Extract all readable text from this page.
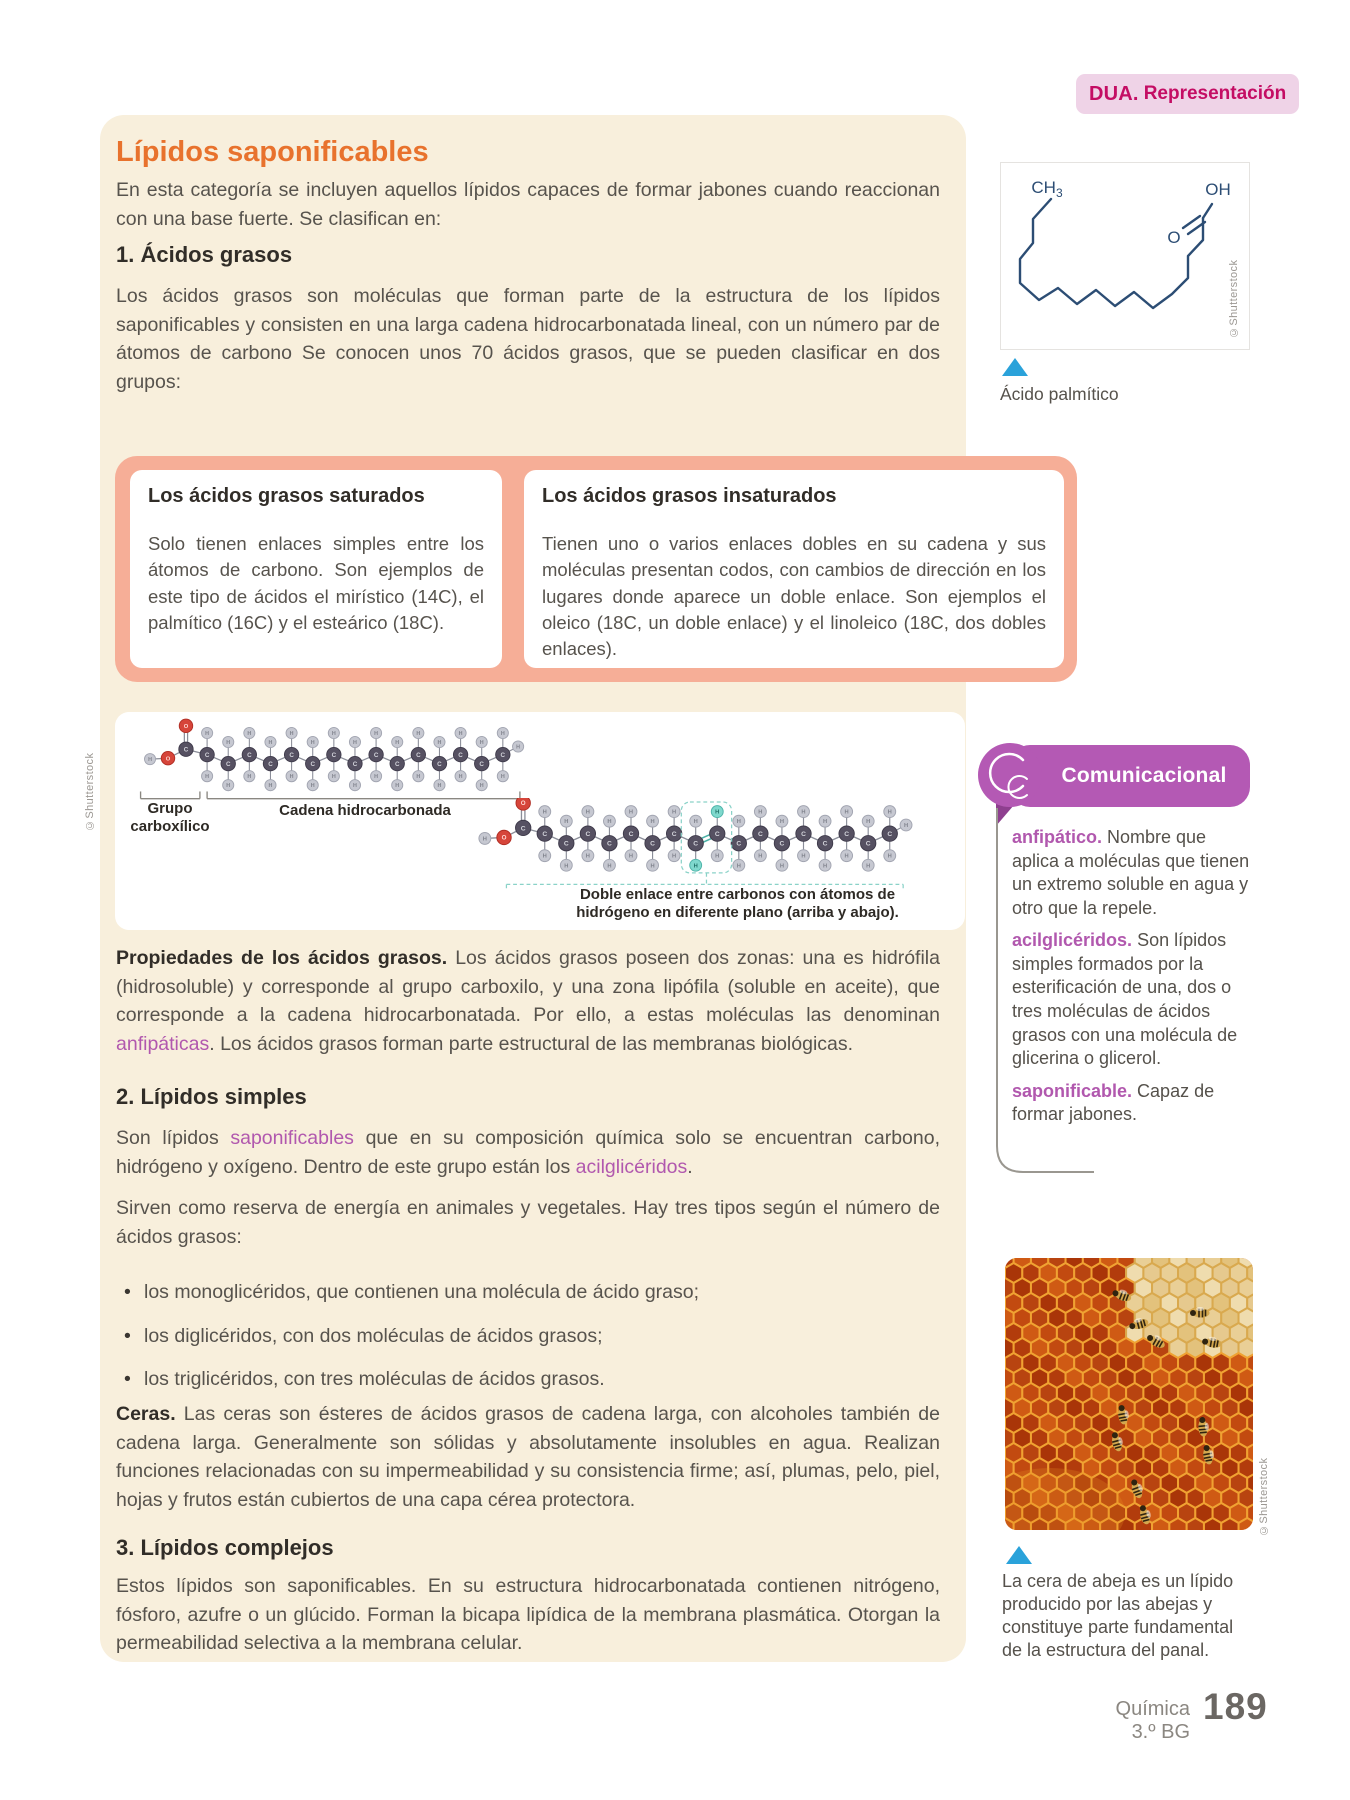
DUA. Representación
Lípidos saponificables

En esta categoría se incluyen aquellos lípidos capaces de formar jabones cuando reaccionan con una base fuerte. Se clasifican en:

1. Ácidos grasos

Los ácidos grasos son moléculas que forman parte de la estructura de los lípidos saponificables y consisten en una larga cadena hidrocarbonatada lineal, con un número par de átomos de carbono Se conocen unos 70 ácidos grasos, que se pueden clasificar en dos grupos:

Los ácidos grasos saturados
Solo tienen enlaces simples entre los átomos de carbono. Son ejemplos de este tipo de ácidos el mirístico (14C), el palmítico (16C) y el esteárico (18C).
Los ácidos grasos insaturados
Tienen uno o varios enlaces dobles en su cadena y sus moléculas presentan codos, con cambios de dirección en los lugares donde aparece un doble enlace. Son ejemplos el oleico (18C, un doble enlace) y el linoleico (18C, dos dobles enlaces).
O
O
H
H
C
H
H
C
H
H
C
H
H
C
H
H
C
H
H
C
H
H
C
H
H
C
H
H
C
H
H
C
H
H
C
H
H
C
H
H
C
H
H
C
H
H
C
H
H
C
O
O
H
H
C
H
H
C
H
H
C
H
H
C
H
H
C
H
H
C
H
H
C
H
H
C
H
H
C
H
H
C
H
H
C
H
H
C
H
H
C
H
H
C
H
H
C
H
H
C
H
H
C
H
H
C
Grupo
carboxílico
Cadena hidrocarbonada
Doble enlace entre carbonos con átomos de hidrógeno en diferente plano (arriba y abajo).
©Shutterstock

Propiedades de los ácidos grasos. Los ácidos grasos poseen dos zonas: una es hidrófila (hidrosoluble) y corresponde al grupo carboxilo, y una zona lipófila (soluble en aceite), que corresponde a la cadena hidrocarbonatada. Por ello, a estas moléculas las denominan anfipáticas. Los ácidos grasos forman parte estructural de las membranas biológicas.

2. Lípidos simples

Son lípidos saponificables que en su composición química solo se encuentran carbono, hidrógeno y oxígeno. Dentro de este grupo están los acilglicéridos.

Sirven como reserva de energía en animales y vegetales. Hay tres tipos según el número de ácidos grasos:

• los monoglicéridos, que contienen una molécula de ácido graso;
• los diglicéridos, con dos moléculas de ácidos grasos;
• los triglicéridos, con tres moléculas de ácidos grasos.

Ceras. Las ceras son ésteres de ácidos grasos de cadena larga, con alcoholes también de cadena larga. Generalmente son sólidas y absolutamente insolubles en agua. Realizan funciones relacionadas con su impermeabilidad y su consistencia firme; así, plumas, pelo, piel, hojas y frutos están cubiertos de una capa cérea protectora.

3. Lípidos complejos

Estos lípidos son saponificables. En su estructura hidrocarbonatada contienen nitrógeno, fósforo, azufre o un glúcido. Forman la bicapa lipídica de la membrana plasmática. Otorgan la permeabilidad selectiva a la membrana celular.

$CH_3$	OH
O
©Shutterstock
Ácido palmítico
Comunicacional

anfipático. Nombre que aplica a moléculas que tienen un extremo soluble en agua y otro que la repele.

acilglicéridos. Son lípidos simples formados por la esterificación de una, dos o tres moléculas de ácidos grasos con una molécula de glicerina o glicerol.

saponificable. Capaz de formar jabones.

©Shutterstock
La cera de abeja es un lípido producido por las abejas y constituye parte fundamental de la estructura del panal.
Química
3.º BG
189
